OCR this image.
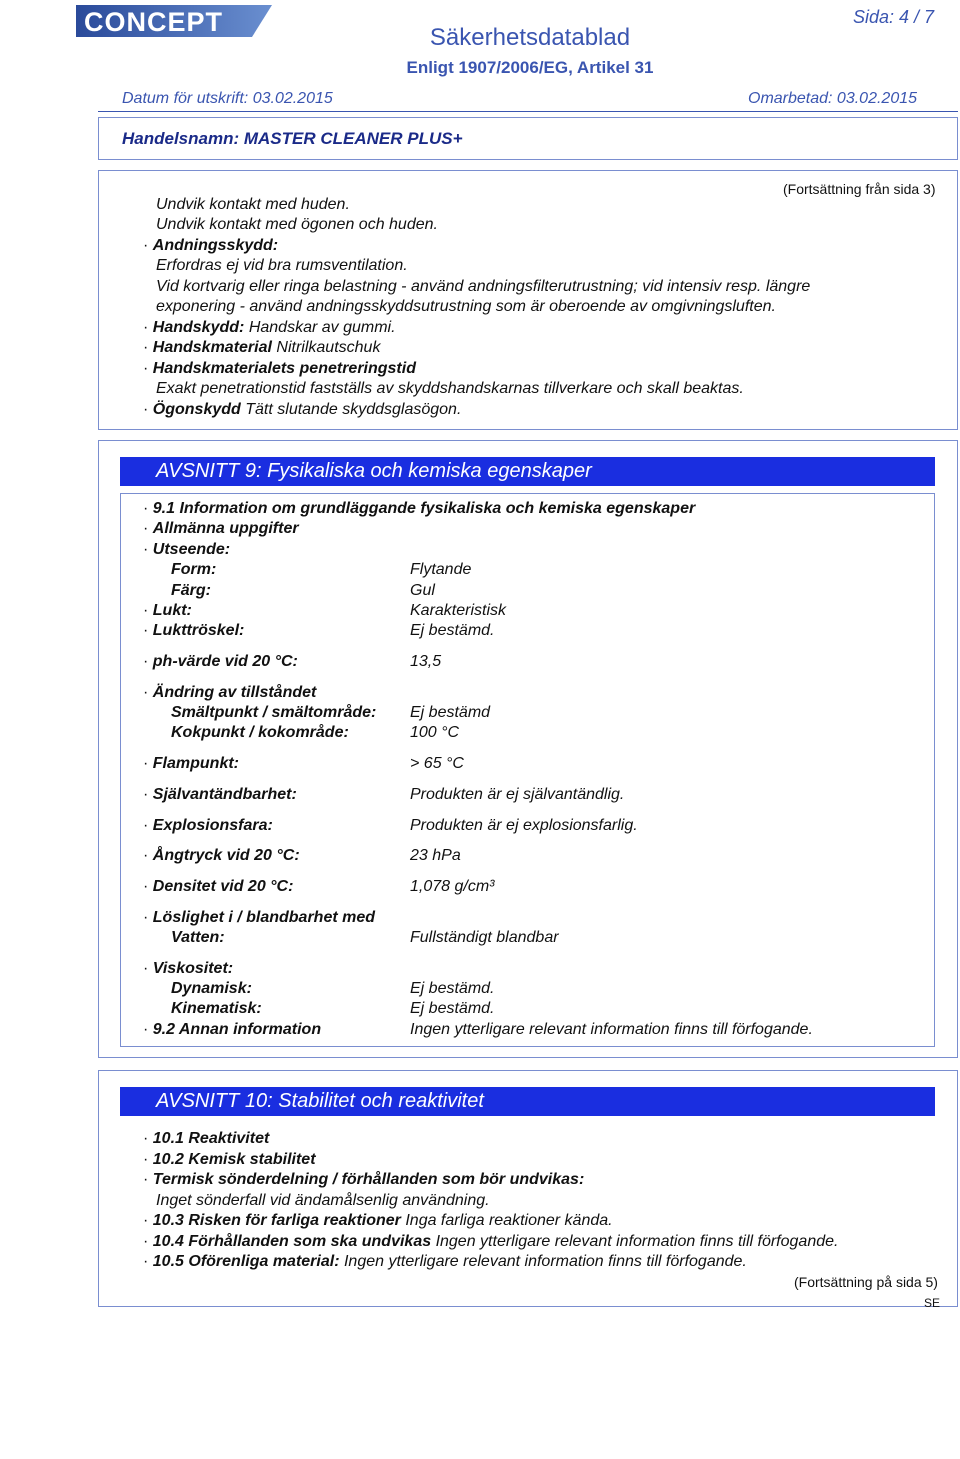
CONCEPT	Sida: 4 / 7
Säkerhetsdatablad
Enligt 1907/2006/EG, Artikel 31
Datum för utskrift: 03.02.2015	Omarbetad: 03.02.2015
Handelsnamn: MASTER CLEANER PLUS+
(Fortsättning från sida 3)
Undvik kontakt med huden.
Undvik kontakt med ögonen och huden.
· Andningsskydd:
Erfordras ej vid bra rumsventilation.
Vid kortvarig eller ringa belastning - använd andningsfilterutrustning; vid intensiv resp. längre
exponering - använd andningsskyddsutrustning som är oberoende av omgivningsluften.
· Handskydd: Handskar av gummi.
· Handskmaterial Nitrilkautschuk
· Handskmaterialets penetreringstid
Exakt penetrationstid fastställs av skyddshandskarnas tillverkare och skall beaktas.
· Ögonskydd Tätt slutande skyddsglasögon.
AVSNITT 9: Fysikaliska och kemiska egenskaper
· 9.1 Information om grundläggande fysikaliska och kemiska egenskaper
· Allmänna uppgifter
· Utseende:
Form:	Flytande
Färg:	Gul
· Lukt:	Karakteristisk
· Lukttröskel:	Ej bestämd.
· ph-värde vid 20 °C:	13,5
· Ändring av tillståndet
Smältpunkt / smältområde: Ej bestämd
Kokpunkt / kokområde:	100 °C
· Flampunkt:	> 65 °C
· Självantändbarhet:	Produkten är ej självantändlig.
· Explosionsfara:	Produkten är ej explosionsfarlig.
· Ångtryck vid 20 °C:	23 hPa
· Densitet vid 20 °C:	1,078 g/cm³
· Löslighet i / blandbarhet med
Vatten:	Fullständigt blandbar
· Viskositet:
Dynamisk:	Ej bestämd.
Kinematisk:	Ej bestämd.
· 9.2 Annan information	Ingen ytterligare relevant information finns till förfogande.
AVSNITT 10: Stabilitet och reaktivitet
· 10.1 Reaktivitet
· 10.2 Kemisk stabilitet
· Termisk sönderdelning / förhållanden som bör undvikas:
Inget sönderfall vid ändamålsenlig användning.
· 10.3 Risken för farliga reaktioner Inga farliga reaktioner kända.
· 10.4 Förhållanden som ska undvikas Ingen ytterligare relevant information finns till förfogande.
· 10.5 Oförenliga material: Ingen ytterligare relevant information finns till förfogande.
(Fortsättning på sida 5)
SE
